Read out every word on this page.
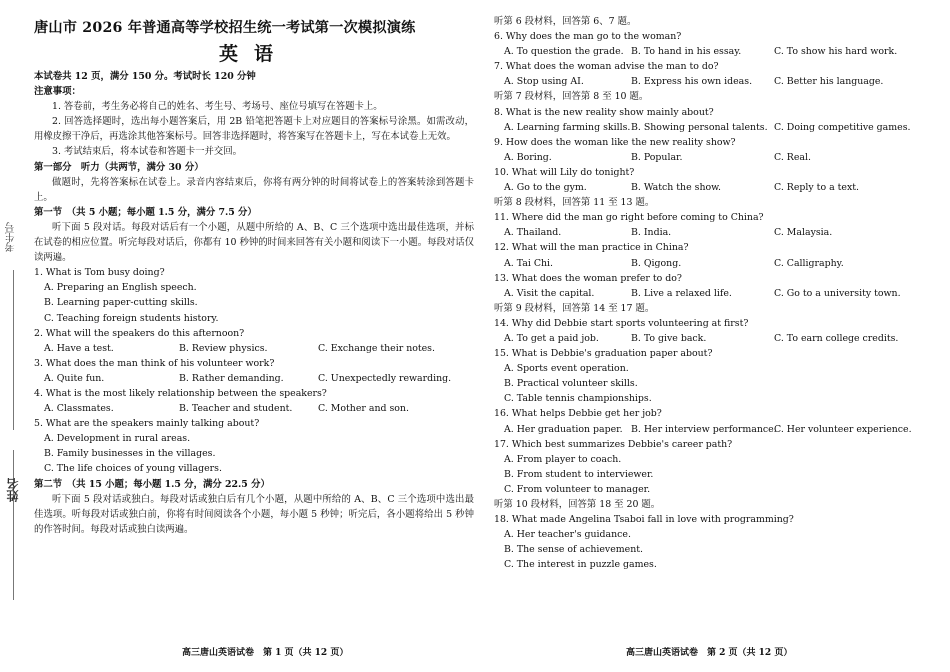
考生号
姓名
唐山市 2026 年普通高等学校招生统一考试第一次模拟演练
英语
本试卷共 12 页，满分 150 分。考试时长 120 分钟
注意事项：
1. 答卷前，考生务必将自己的姓名、考生号、考场号、座位号填写在答题卡上。
2. 回答选择题时，选出每小题答案后，用 2B 铅笔把答题卡上对应题目的答案标号涂黑。如需改动，用橡皮擦干净后，再选涂其他答案标号。回答非选择题时，将答案写在答题卡上，写在本试卷上无效。
3. 考试结束后，将本试卷和答题卡一并交回。
第一部分　听力（共两节，满分 30 分）
做题时，先将答案标在试卷上。录音内容结束后，你将有两分钟的时间将试卷上的答案转涂到答题卡上。
第一节　（共 5 小题；每小题 1.5 分，满分 7.5 分）
听下面 5 段对话。每段对话后有一个小题，从题中所给的 A、B、C 三个选项中选出最佳选项，并标在试卷的相应位置。听完每段对话后，你都有 10 秒钟的时间来回答有关小题和阅读下一小题。每段对话仅读两遍。
1. What is Tom busy doing?
A. Preparing an English speech.
B. Learning paper-cutting skills.
C. Teaching foreign students history.
2. What will the speakers do this afternoon?
A. Have a test.	B. Review physics.	C. Exchange their notes.
3. What does the man think of his volunteer work?
A. Quite fun.	B. Rather demanding.	C. Unexpectedly rewarding.
4. What is the most likely relationship between the speakers?
A. Classmates.	B. Teacher and student.	C. Mother and son.
5. What are the speakers mainly talking about?
A. Development in rural areas.
B. Family businesses in the villages.
C. The life choices of young villagers.
第二节　（共 15 小题；每小题 1.5 分，满分 22.5 分）
听下面 5 段对话或独白。每段对话或独白后有几个小题，从题中所给的 A、B、C 三个选项中选出最佳选项。听每段对话或独白前，你将有时间阅读各个小题，每小题 5 秒钟；听完后，各小题将给出 5 秒钟的作答时间。每段对话或独白读两遍。
高三唐山英语试卷　第 1 页（共 12 页）
听第 6 段材料，回答第 6、7 题。
6. Why does the man go to the woman?
A. To question the grade. B. To hand in his essay.	C. To show his hard work.
7. What does the woman advise the man to do?
A. Stop using AI.	B. Express his own ideas.	C. Better his language.
听第 7 段材料，回答第 8 至 10 题。
8. What is the new reality show mainly about?
A. Learning farming skills. B. Showing personal talents. C. Doing competitive games.
9. How does the woman like the new reality show?
A. Boring.	B. Popular.	C. Real.
10. What will Lily do tonight?
A. Go to the gym.	B. Watch the show.	C. Reply to a text.
听第 8 段材料，回答第 11 至 13 题。
11. Where did the man go right before coming to China?
A. Thailand.	B. India.	C. Malaysia.
12. What will the man practice in China?
A. Tai Chi.	B. Qigong.	C. Calligraphy.
13. What does the woman prefer to do?
A. Visit the capital.	B. Live a relaxed life.	C. Go to a university town.
听第 9 段材料，回答第 14 至 17 题。
14. Why did Debbie start sports volunteering at first?
A. To get a paid job.	B. To give back.	C. To earn college credits.
15. What is Debbie's graduation paper about?
A. Sports event operation.
B. Practical volunteer skills.
C. Table tennis championships.
16. What helps Debbie get her job?
A. Her graduation paper. B. Her interview performance.
C. Her volunteer experience.
17. Which best summarizes Debbie's career path?
A. From player to coach.
B. From student to interviewer.
C. From volunteer to manager.
听第 10 段材料，回答第 18 至 20 题。
18. What made Angelina Tsaboi fall in love with programming?
A. Her teacher's guidance.
B. The sense of achievement.
C. The interest in puzzle games.
高三唐山英语试卷　第 2 页（共 12 页）
